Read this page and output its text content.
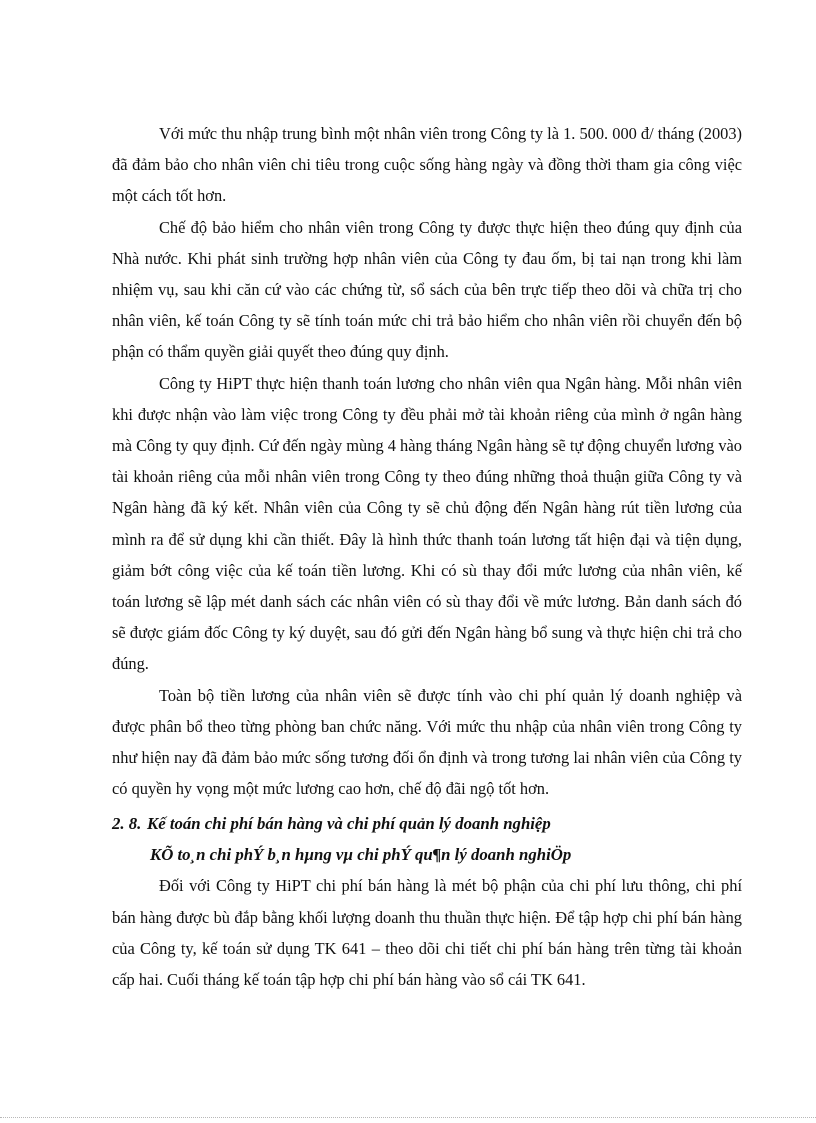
Với mức thu nhập trung bình một nhân viên trong Công ty là 1. 500. 000 đ/ tháng (2003) đã đảm bảo cho nhân viên chi tiêu trong cuộc sống hàng ngày và đồng thời tham gia công việc một cách tốt hơn.

Chế độ bảo hiểm cho nhân viên trong Công ty được thực hiện theo đúng quy định của Nhà nước. Khi phát sinh trường hợp nhân viên của Công ty đau ốm, bị tai nạn trong khi làm nhiệm vụ, sau khi căn cứ vào các chứng từ, sổ sách của bên trực tiếp theo dõi và chữa trị cho nhân viên, kế toán Công ty sẽ tính toán mức chi trả bảo hiểm cho nhân viên rồi chuyển đến bộ phận có thẩm quyền giải quyết theo đúng quy định.

Công ty HiPT thực hiện thanh toán lương cho nhân viên qua Ngân hàng. Mỗi nhân viên khi được nhận vào làm việc trong Công ty đều phải mở tài khoản riêng của mình ở ngân hàng mà Công ty quy định. Cứ đến ngày mùng 4 hàng tháng Ngân hàng sẽ tự động chuyển lương vào tài khoản riêng của mỗi nhân viên trong Công ty theo đúng những thoả thuận giữa Công ty và Ngân hàng đã ký kết. Nhân viên của Công ty sẽ chủ động đến Ngân hàng rút tiền lương của mình ra để sử dụng khi cần thiết. Đây là hình thức thanh toán lương tất hiện đại và tiện dụng, giảm bớt công việc của kế toán tiền lương. Khi có sù thay đổi mức lương của nhân viên, kế toán lương sẽ lập mét danh sách các nhân viên có sù thay đổi về mức lương. Bản danh sách đó sẽ được giám đốc Công ty ký duyệt, sau đó gửi đến Ngân hàng bổ sung và thực hiện chi trả cho đúng.

Toàn bộ tiền lương của nhân viên sẽ được tính vào chi phí quản lý doanh nghiệp và được phân bổ theo từng phòng ban chức năng. Với mức thu nhập của nhân viên trong Công ty như hiện nay đã đảm bảo mức sống tương đối ổn định và trong tương lai nhân viên của Công ty có quyền hy vọng một mức lương cao hơn, chế độ đãi ngộ tốt hơn.

2. 8. Kế toán chi phí bán hàng và chi phí quản lý doanh nghiệpKÕ to¸n chi phÝ b¸n hµng vµ chi phÝ qu¶n lý doanh nghiÖp

Đối với Công ty HiPT chi phí bán hàng là mét bộ phận của chi phí lưu thông, chi phí bán hàng được bù đắp bằng khối lượng doanh thu thuần thực hiện. Để tập hợp chi phí bán hàng của Công ty, kế toán sử dụng TK 641 – theo dõi chi tiết chi phí bán hàng trên từng tài khoản cấp hai. Cuối tháng kế toán tập hợp chi phí bán hàng vào sổ cái TK 641.
